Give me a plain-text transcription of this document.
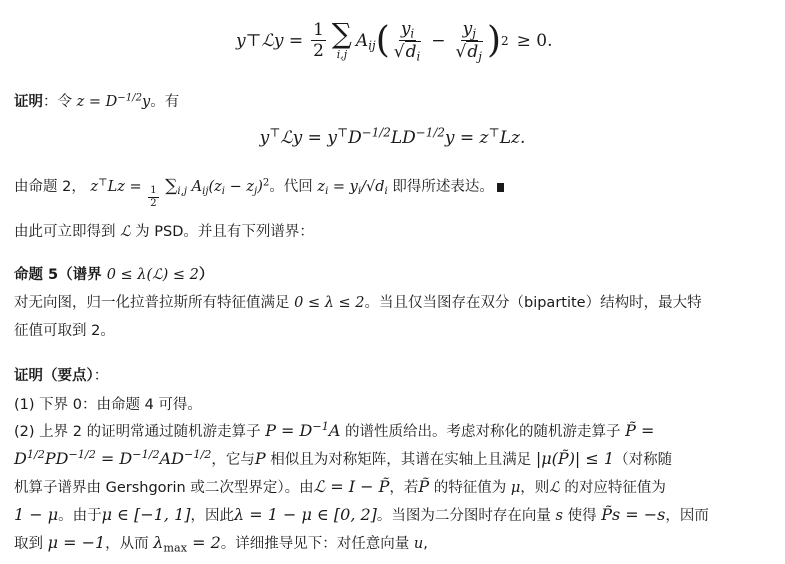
y⊤ℒy = $\frac{1}{2}$ ∑
i,j
$A_{ij}$ ( $\frac{y_i}{√ d_i} - \frac{y_j}{√ d_j}$ ) 2 ≥ 0.
证明：令 $z = D^{-1/2}y$。有
y⊤ℒy = $y^⊤D^{-1/2}LD^{-1/2}y = z^⊤Lz$.
由命题 2， $z^⊤Lz = \frac{1}{2} \sum_{i,j}$ $A_{ij}(z_i - z_j)^2$。代回 $z_i = y_i/√d_i$ 即得所述表达。
由此可立即得到 ℒ 为 PSD。并且有下列谱界：
命题 5（谱界 0 ≤ λ(ℒ) ≤ 2）
对无向图，归一化拉普拉斯所有特征值满足 0 ≤ λ ≤ 2。当且仅当图存在双分（bipartite）结构时，最大特
征值可取到 2。
证明（要点）：
(1) 下界 0：由命题 4 可得。
(2) 上界 2 的证明常通过随机游走算子 $P = D^{-1}A$ 的谱性质给出。考虑对称化的随机游走算子 P̃ =
$D^{1/2}PD^{-1/2} = D^{-1/2}AD^{-1/2}$，它与P 相似且为对称矩阵，其谱在实轴上且满足 |μ(P̃)| ≤ 1（对称随
机算子谱界由 Gershgorin 或二次型界定）。由ℒ = I − P̃，若P̃ 的特征值为 μ，则ℒ 的对应特征值为
1 − μ。由于μ ∈ [−1, 1]，因此λ = 1 − μ ∈ [0, 2]。当图为二分图时存在向量 s 使得 P̃s = −s，因而
取到 μ = −1，从而 $\lambda_{max} = 2$。详细推导见下：对任意向量 u,
